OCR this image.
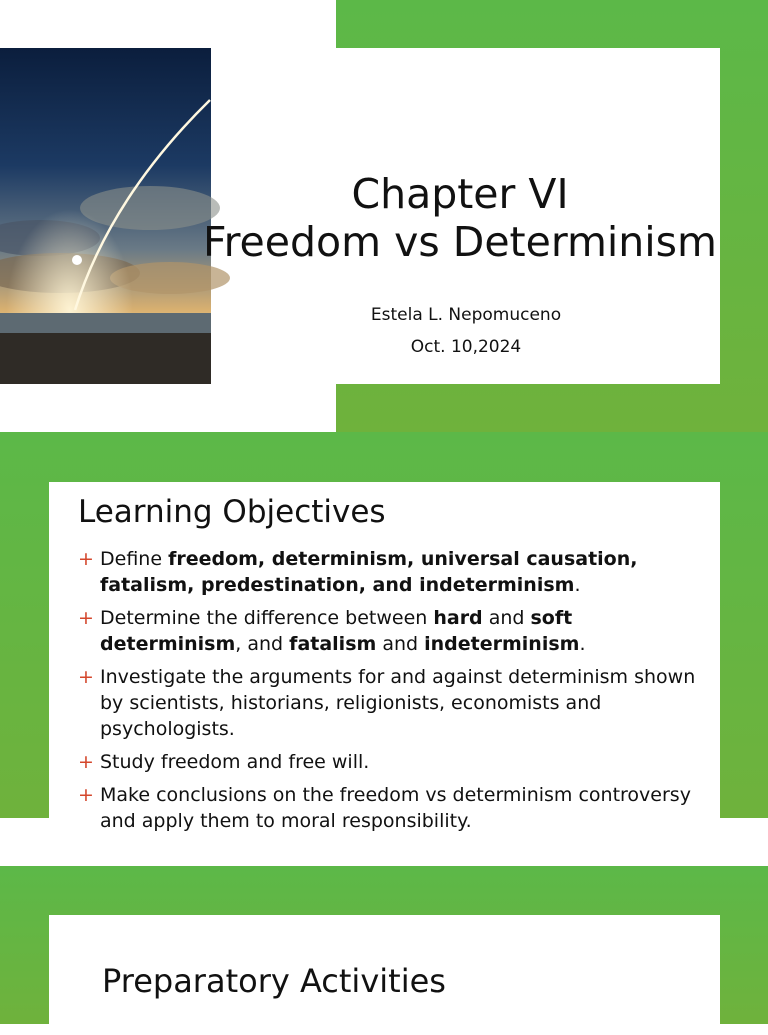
Chapter VI
Freedom vs Determinism
Estela L. Nepomuceno
Oct. 10,2024
Learning Objectives
+ Define freedom, determinism, universal causation, fatalism, predestination, and indeterminism.
+ Determine the difference between hard and soft determinism, and fatalism and indeterminism.
+ Investigate the arguments for and against determinism shown by scientists, historians, religionists, economists and psychologists.
+ Study freedom and free will.
+ Make conclusions on the freedom vs determinism controversy and apply them to moral responsibility.
Preparatory Activities
